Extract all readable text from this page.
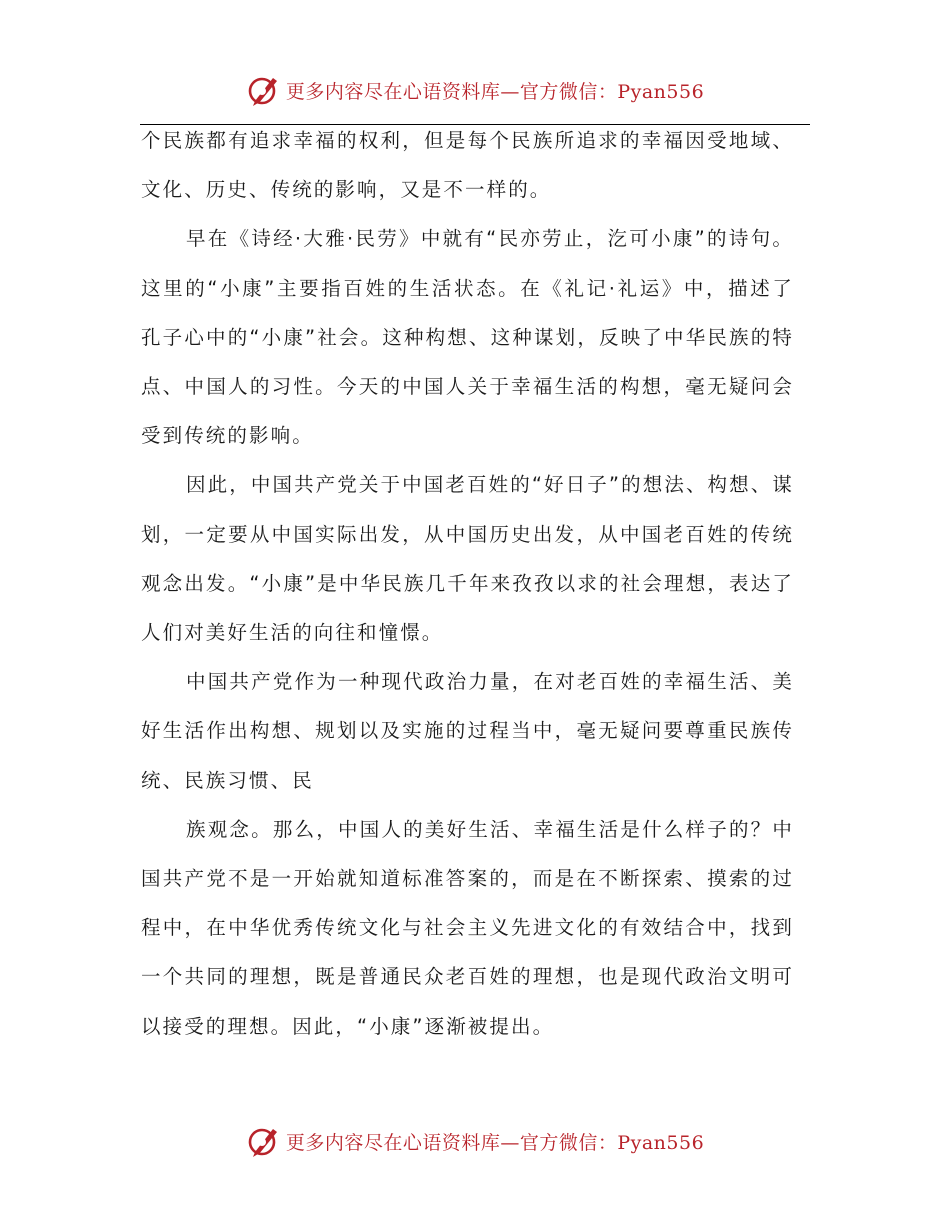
更多内容尽在心语资料库—官方微信：Pyan556

个民族都有追求幸福的权利，但是每个民族所追求的幸福因受地域、文化、历史、传统的影响，又是不一样的。

早在《诗经·大雅·民劳》中就有“民亦劳止，汔可小康”的诗句。这里的“小康”主要指百姓的生活状态。在《礼记·礼运》中，描述了孔子心中的“小康”社会。这种构想、这种谋划，反映了中华民族的特点、中国人的习性。今天的中国人关于幸福生活的构想，毫无疑问会受到传统的影响。

因此，中国共产党关于中国老百姓的“好日子”的想法、构想、谋划，一定要从中国实际出发，从中国历史出发，从中国老百姓的传统观念出发。“小康”是中华民族几千年来孜孜以求的社会理想，表达了人们对美好生活的向往和憧憬。

中国共产党作为一种现代政治力量，在对老百姓的幸福生活、美好生活作出构想、规划以及实施的过程当中，毫无疑问要尊重民族传统、民族习惯、民

族观念。那么，中国人的美好生活、幸福生活是什么样子的？中国共产党不是一开始就知道标准答案的，而是在不断探索、摸索的过程中，在中华优秀传统文化与社会主义先进文化的有效结合中，找到一个共同的理想，既是普通民众老百姓的理想，也是现代政治文明可以接受的理想。因此，“小康”逐渐被提出。

更多内容尽在心语资料库—官方微信：Pyan556
